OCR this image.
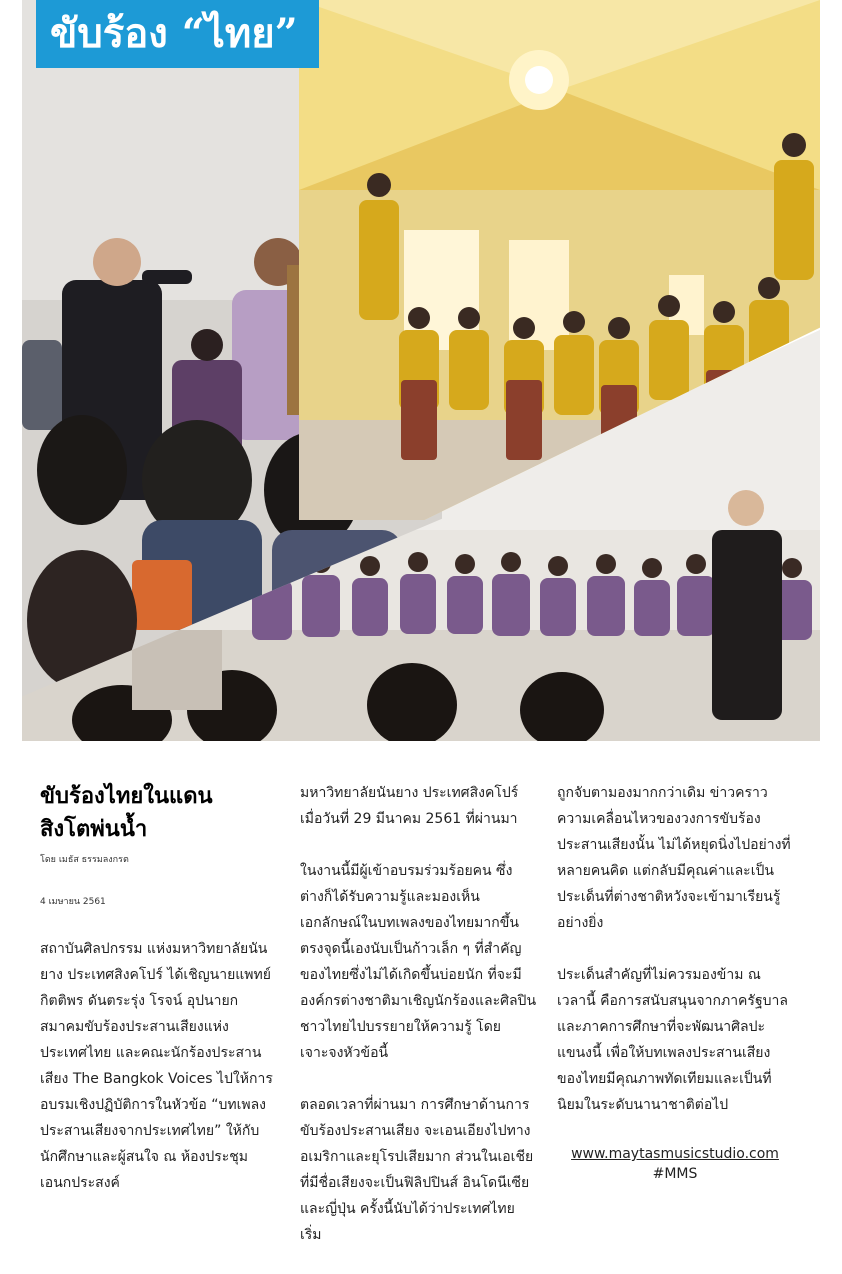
ขับร้อง “ไทย”
ขับร้องไทยในแดน
สิงโตพ่นน้ำ

โดย เมธัส ธรรมลงกรต

4 เมษายน 2561

สถาบันศิลปกรรม แห่งมหาวิทยาลัยนันยาง ประเทศสิงคโปร์ ได้เชิญนายแพทย์กิตติพร ดันตระรุ่ง โรจน์ อุปนายกสมาคมขับร้องประสานเสียงแห่งประเทศไทย และคณะนักร้องประสานเสียง The Bangkok Voices ไปให้การอบรมเชิงปฏิบัติการในหัวข้อ “บทเพลงประสานเสียงจากประเทศไทย” ให้กับนักศึกษาและผู้สนใจ ณ ห้องประชุมเอนกประสงค์

มหาวิทยาลัยนันยาง ประเทศสิงคโปร์ เมื่อวันที่ 29 มีนาคม 2561 ที่ผ่านมา

ในงานนี้มีผู้เข้าอบรมร่วมร้อยคน ซึ่งต่างก็ได้รับความรู้และมองเห็นเอกลักษณ์ในบทเพลงของไทยมากขึ้น ตรงจุดนี้เองนับเป็นก้าวเล็ก ๆ ที่สำคัญของไทยซึ่งไม่ได้เกิดขึ้นบ่อยนัก ที่จะมีองค์กรต่างชาติมาเชิญนักร้องและศิลปินชาวไทยไปบรรยายให้ความรู้ โดยเจาะจงหัวข้อนี้

ตลอดเวลาที่ผ่านมา การศึกษาด้านการขับร้องประสานเสียง จะเอนเอียงไปทางอเมริกาและยุโรปเสียมาก ส่วนในเอเชียที่มีชื่อเสียงจะเป็นฟิลิปปินส์ อินโดนีเซียและญี่ปุ่น ครั้งนี้นับได้ว่าประเทศไทยเริ่ม

ถูกจับตามองมากกว่าเดิม ข่าวคราวความเคลื่อนไหวของวงการขับร้องประสานเสียงนั้น ไม่ได้หยุดนิ่งไปอย่างที่หลายคนคิด แต่กลับมีคุณค่าและเป็นประเด็นที่ต่างชาติหวังจะเข้ามาเรียนรู้อย่างยิ่ง

ประเด็นสำคัญที่ไม่ควรมองข้าม ณ เวลานี้ คือการสนับสนุนจากภาครัฐบาลและภาคการศึกษาที่จะพัฒนาศิลปะแขนงนี้ เพื่อให้บทเพลงประสานเสียงของไทยมีคุณภาพทัดเทียมและเป็นที่นิยมในระดับนานาชาติต่อไป

www.maytasmusicstudio.com
#MMS
